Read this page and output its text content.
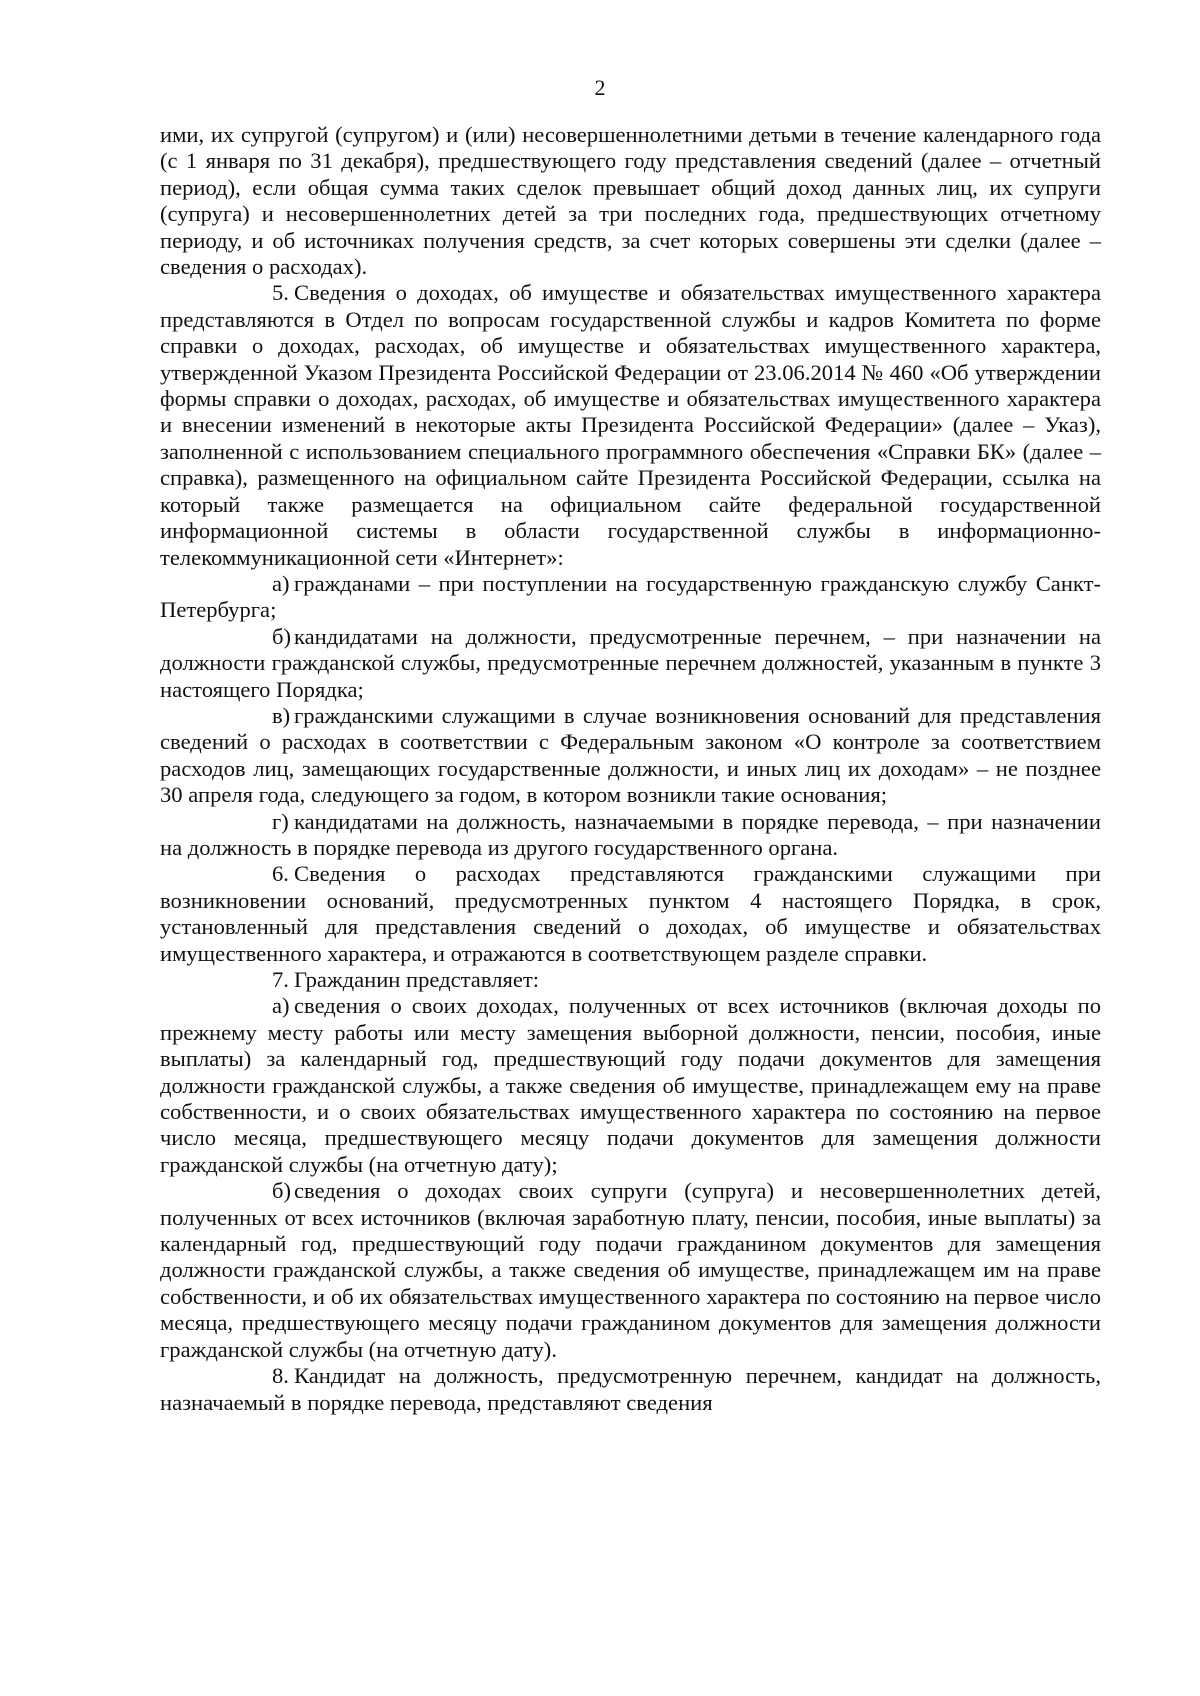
2

ими, их супругой (супругом) и (или) несовершеннолетними детьми в течение календарного года (с 1 января по 31 декабря), предшествующего году представления сведений (далее – отчетный период), если общая сумма таких сделок превышает общий доход данных лиц, их супруги (супруга) и несовершеннолетних детей за три последних года, предшествующих отчетному периоду, и об источниках получения средств, за счет которых совершены эти сделки (далее – сведения о расходах).

5. Сведения о доходах, об имуществе и обязательствах имущественного характера представляются в Отдел по вопросам государственной службы и кадров Комитета по форме справки о доходах, расходах, об имуществе и обязательствах имущественного характера, утвержденной Указом Президента Российской Федерации от 23.06.2014 № 460 «Об утверждении формы справки о доходах, расходах, об имуществе и обязательствах имущественного характера и внесении изменений в некоторые акты Президента Российской Федерации» (далее – Указ), заполненной с использованием специального программного обеспечения «Справки БК» (далее – справка), размещенного на официальном сайте Президента Российской Федерации, ссылка на который также размещается на официальном сайте федеральной государственной информационной системы в области государственной службы в информационно-телекоммуникационной сети «Интернет»:

а) гражданами – при поступлении на государственную гражданскую службу Санкт-Петербурга;

б) кандидатами на должности, предусмотренные перечнем, – при назначении на должности гражданской службы, предусмотренные перечнем должностей, указанным в пункте 3 настоящего Порядка;

в) гражданскими служащими в случае возникновения оснований для представления сведений о расходах в соответствии с Федеральным законом «О контроле за соответствием расходов лиц, замещающих государственные должности, и иных лиц их доходам» – не позднее 30 апреля года, следующего за годом, в котором возникли такие основания;

г) кандидатами на должность, назначаемыми в порядке перевода, – при назначении на должность в порядке перевода из другого государственного органа.

6. Сведения о расходах представляются гражданскими служащими при возникновении оснований, предусмотренных пунктом 4 настоящего Порядка, в срок, установленный для представления сведений о доходах, об имуществе и обязательствах имущественного характера, и отражаются в соответствующем разделе справки.

7. Гражданин представляет:

а) сведения о своих доходах, полученных от всех источников (включая доходы по прежнему месту работы или месту замещения выборной должности, пенсии, пособия, иные выплаты) за календарный год, предшествующий году подачи документов для замещения должности гражданской службы, а также сведения об имуществе, принадлежащем ему на праве собственности, и о своих обязательствах имущественного характера по состоянию на первое число месяца, предшествующего месяцу подачи документов для замещения должности гражданской службы (на отчетную дату);

б) сведения о доходах своих супруги (супруга) и несовершеннолетних детей, полученных от всех источников (включая заработную плату, пенсии, пособия, иные выплаты) за календарный год, предшествующий году подачи гражданином документов для замещения должности гражданской службы, а также сведения об имуществе, принадлежащем им на праве собственности, и об их обязательствах имущественного характера по состоянию на первое число месяца, предшествующего месяцу подачи гражданином документов для замещения должности гражданской службы (на отчетную дату).

8. Кандидат на должность, предусмотренную перечнем, кандидат на должность, назначаемый в порядке перевода, представляют сведения
